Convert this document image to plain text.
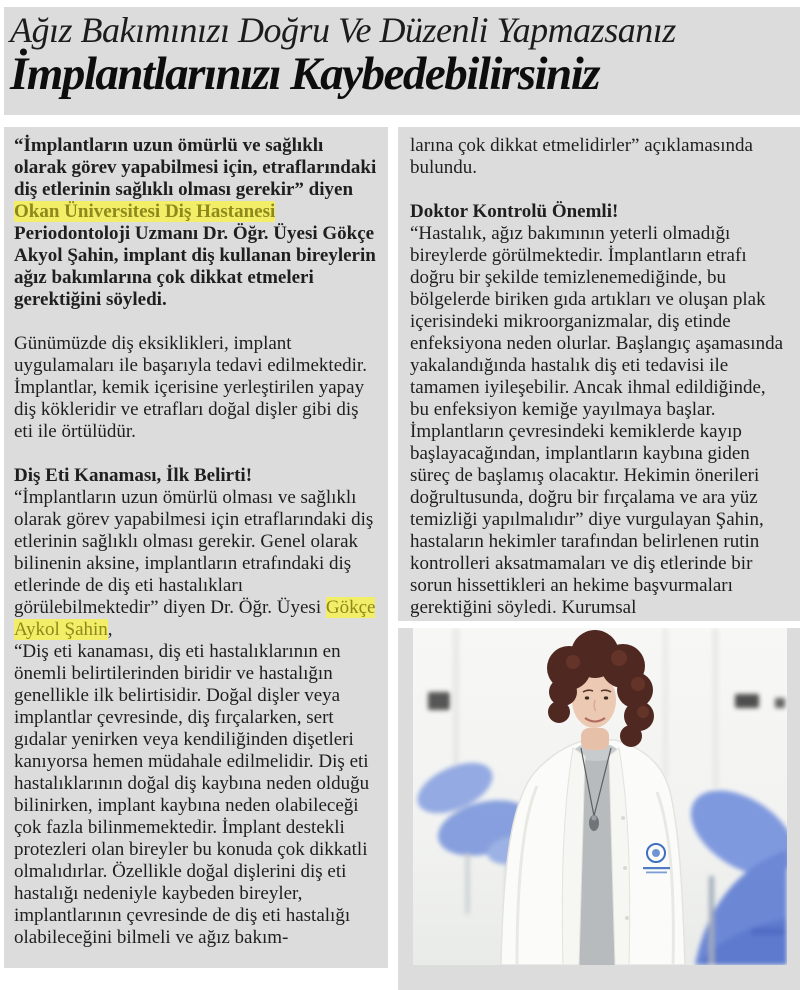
Ağız Bakımınızı Doğru Ve Düzenli Yapmazsanız
İmplantlarınızı Kaybedebilirsiniz

“İmplantların uzun ömürlü ve sağlıklı olarak görev yapabilmesi için, etraflarındaki diş etlerinin sağlıklı olması gerekir” diyen Okan Üniversitesi Diş Hastanesi Periodontoloji Uzmanı Dr. Öğr. Üyesi Gökçe Akyol Şahin, implant diş kullanan bireylerin
ağız bakımlarına çok dikkat etmeleri gerektiğini söyledi.

Günümüzde diş eksiklikleri, implant uygulamaları ile başarıyla tedavi edilmektedir. İmplantlar, kemik içerisine yerleştirilen yapay diş kökleridir ve etrafları doğal dişler gibi diş eti ile örtülüdür.

Diş Eti Kanaması, İlk Belirti!

“İmplantların uzun ömürlü olması ve sağlıklı olarak görev yapabilmesi için etraflarındaki diş etlerinin sağlıklı olması gerekir. Genel olarak bilinenin aksine, implantların etrafındaki diş etlerinde de diş eti hastalıkları görülebilmektedir” diyen Dr. Öğr. Üyesi Gökçe Aykol Şahin,

“Diş eti kanaması, diş eti hastalıklarının en önemli belirtilerinden biridir ve hastalığın genellikle ilk belirtisidir. Doğal dişler veya implantlar çevresinde, diş fırçalarken, sert gıdalar yenirken veya kendiliğinden dişetleri kanıyorsa hemen müdahale edilmelidir. Diş eti hastalıklarının doğal diş kaybına neden olduğu bilinirken, implant kaybına neden olabileceği çok fazla bilinmemektedir. İmplant destekli protezleri olan bireyler bu konuda çok dikkatli olmalıdırlar. Özellikle doğal dişlerini diş eti hastalığı nedeniyle kaybeden bireyler, implantlarının çevresinde de diş eti hastalığı olabileceğini bilmeli ve ağız bakım-

larına çok dikkat etmelidirler” açıklamasında bulundu.

Doktor Kontrolü Önemli!

“Hastalık, ağız bakımının yeterli olmadığı bireylerde görülmektedir. İmplantların etrafı doğru bir şekilde temizlenemediğinde, bu bölgelerde biriken gıda artıkları ve oluşan plak içerisindeki mikroorganizmalar, diş etinde enfeksiyona neden olurlar. Başlangıç aşamasında yakalandığında hastalık diş eti tedavisi ile tamamen iyileşebilir. Ancak ihmal edildiğinde, bu enfeksiyon kemiğe yayılmaya başlar. İmplantların çevresindeki kemiklerde kayıp başlayacağından, implantların kaybına giden süreç de başlamış olacaktır. Hekimin önerileri doğrultusunda, doğru bir fırçalama ve ara yüz temizliği yapılmalıdır” diye vurgulayan Şahin, hastaların hekimler tarafından belirlenen rutin kontrolleri aksatmamaları ve diş etlerinde bir sorun hissettikleri an hekime başvurmaları gerektiğini söyledi. Kurumsal
